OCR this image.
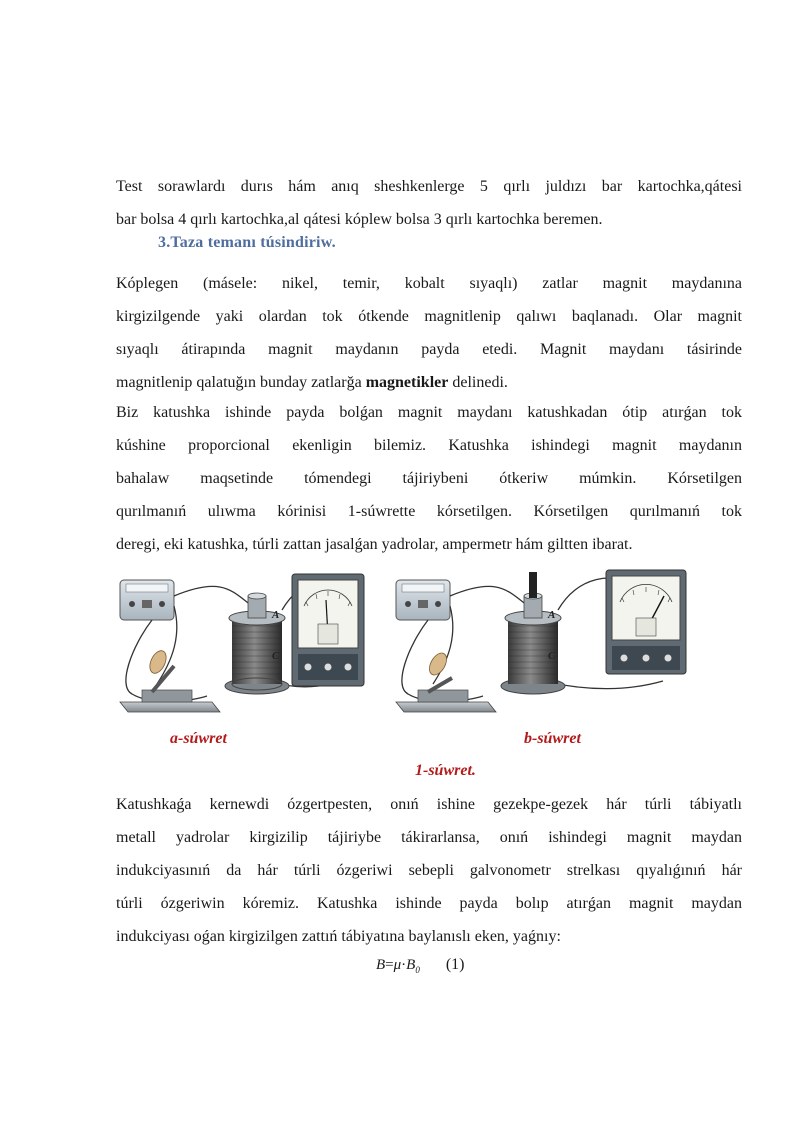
Test sorawlardı durıs hám anıq sheshkenlerge 5 qırlı juldızı bar kartochka,qátesi
bar bolsa 4 qırlı kartochka,al qátesi kóplew bolsa 3 qırlı kartochka beremen.
3.Taza temanı túsindiriw.
Kóplegen (másele: nikel, temir, kobalt sıyaqlı) zatlar magnit maydanına
kirgizilgende yaki olardan tok ótkende magnitlenip qalıwı baqlanadı. Olar magnit
sıyaqlı átirapında magnit maydanın payda etedi. Magnit maydanı tásirinde
magnitlenip qalatuğın bunday zatlarğa magnetikler delinedi.
Biz katushka ishinde payda bolǵan magnit maydanı katushkadan ótip atırǵan tok
kúshine proporcional ekenligin bilemiz. Katushka ishindegi magnit maydanın
bahalaw maqsetinde tómendegi tájiriybeni ótkeriw múmkin. Kórsetilgen
qurılmanıń ulıwma kórinisi 1-súwrette kórsetilgen. Kórsetilgen qurılmanıń tok
deregi, eki katushka, túrli zattan jasalǵan yadrolar, ampermetr hám giltten ibarat.
A
C
A
C
a-súwret	b-súwret
1-súwret.
Katushkaǵa kernewdi ózgertpesten, onıń ishine gezekpe-gezek hár túrli tábiyatlı
metall yadrolar kirgizilip tájiriybe tákirarlansa, onıń ishindegi magnit maydan
indukciyasınıń da hár túrli ózgeriwi sebepli galvonometr strelkası qıyalıǵınıń hár
túrli ózgeriwin kóremiz. Katushka ishinde payda bolıp atırǵan magnit maydan
indukciyası oǵan kirgizilgen zattıń tábiyatına baylanıslı eken, yaǵnıy:
$B=\mu\cdot B_0$ (1)
